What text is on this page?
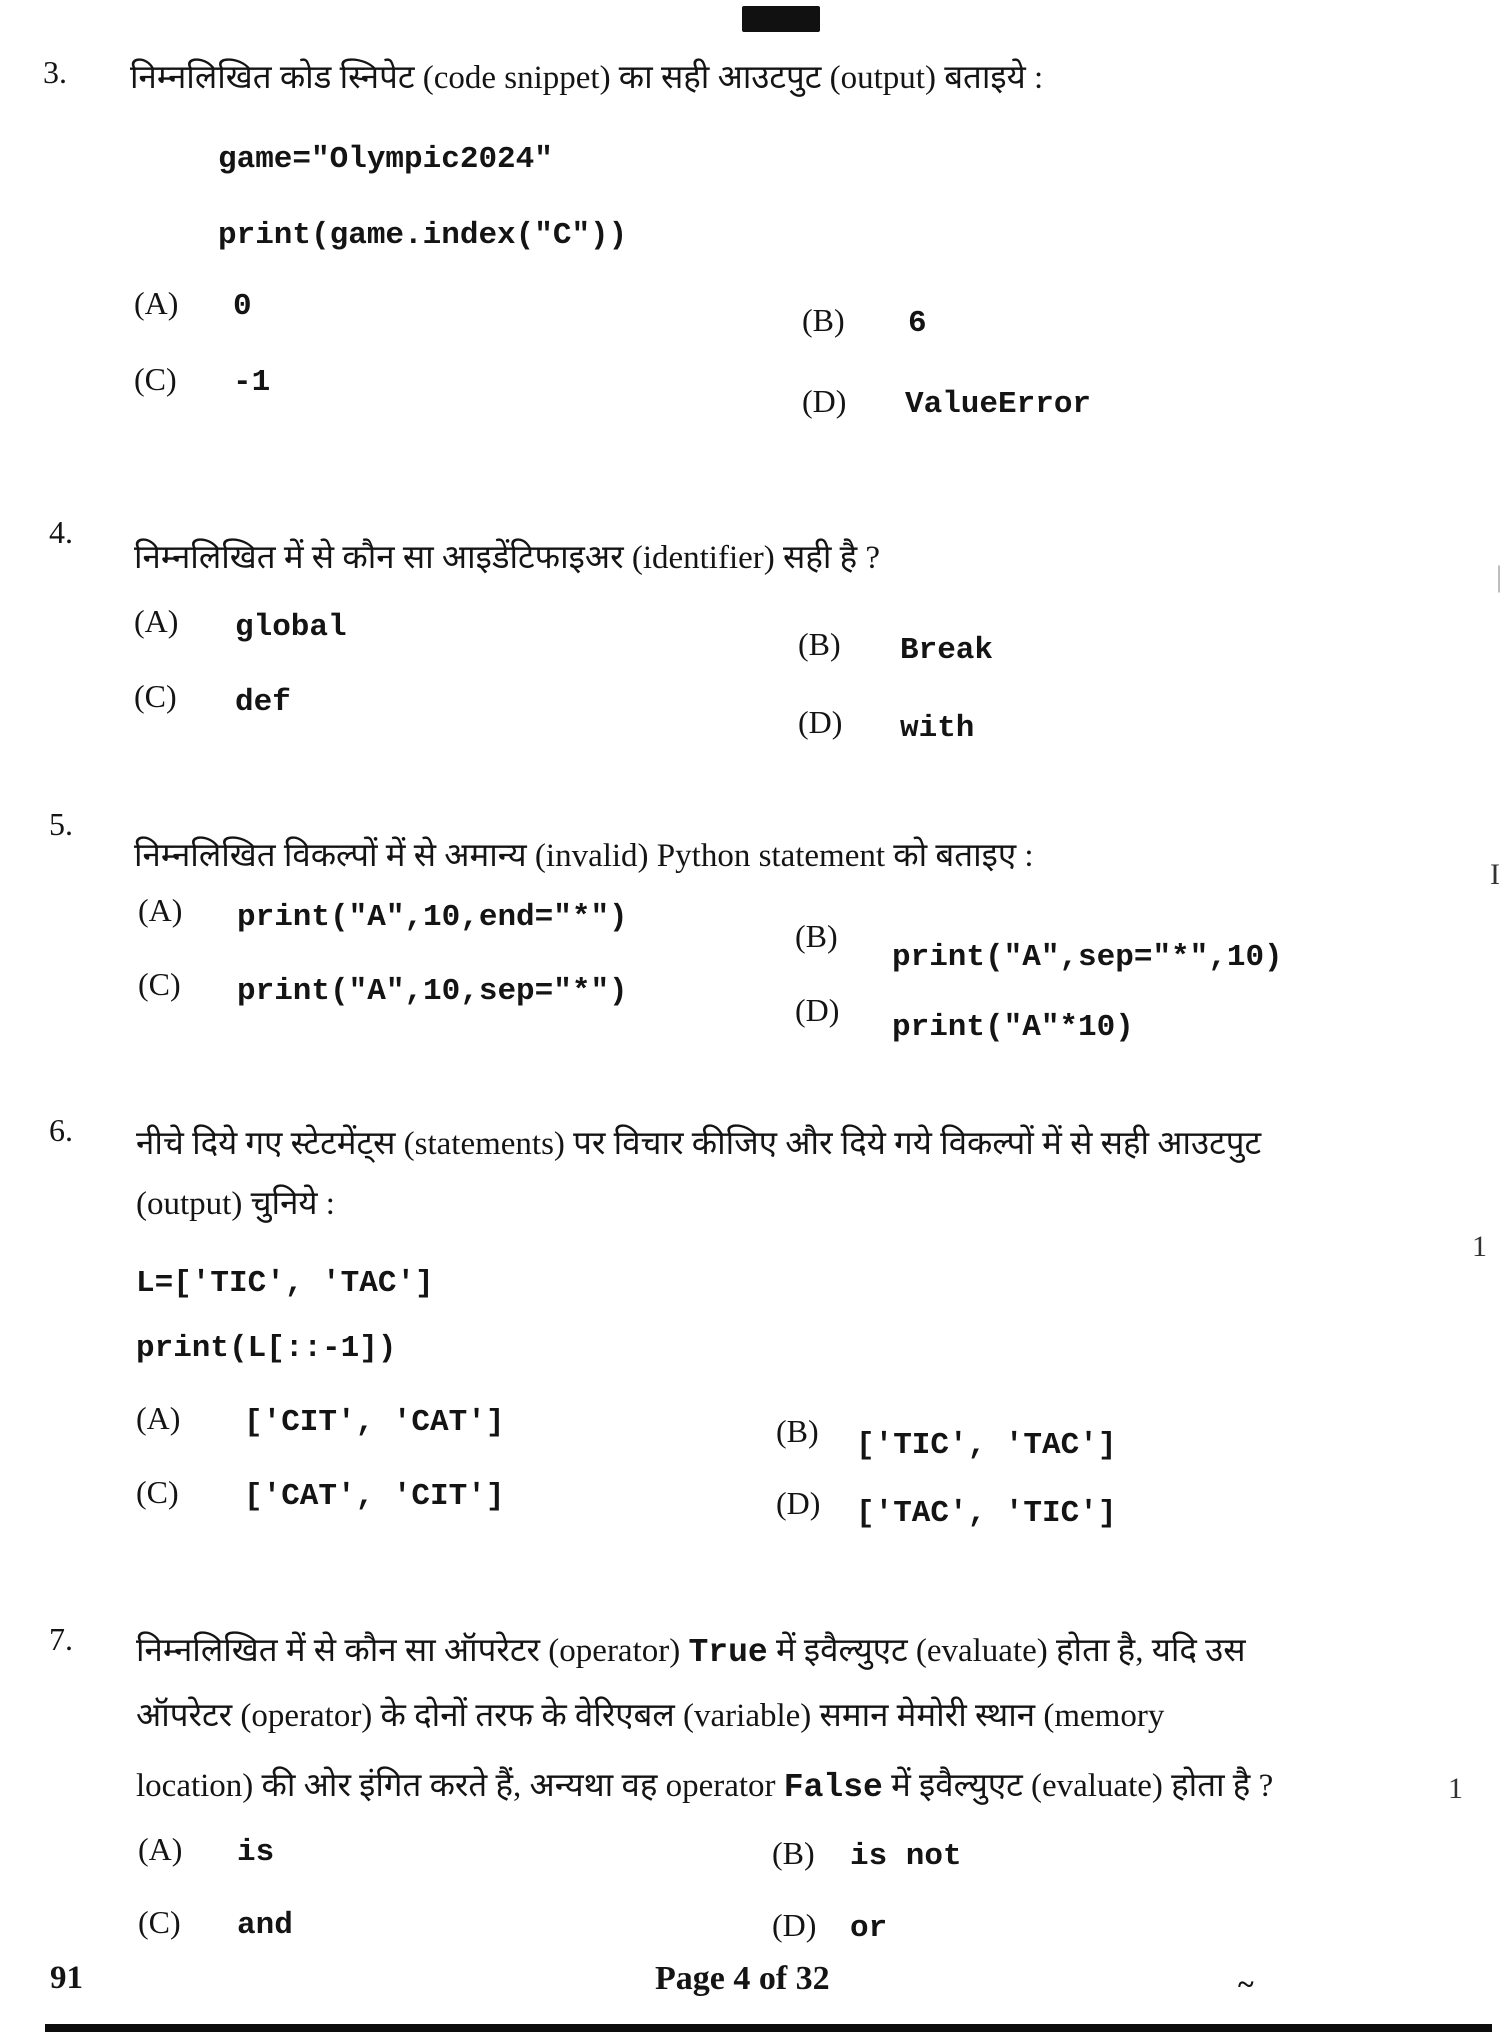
3. निम्नलिखित कोड स्निपेट (code snippet) का सही आउटपुट (output) बताइये :
game="Olympic2024"
print(game.index("C"))
(A) 0	(B) 6
(C) -1
(D) ValueError
4.
निम्नलिखित में से कौन सा आइडेंटिफाइअर (identifier) सही है ?
|
(A) global	(B) Break
(C) def
(D) with
5.
निम्नलिखित विकल्पों में से अमान्य (invalid) Python statement को बताइए :
I
(A) print("A",10,end="*")
(B)
print("A",sep="*",10)
(C) print("A",10,sep="*")
(D) print("A"*10)
6. नीचे दिये गए स्टेटमेंट्स (statements) पर विचार कीजिए और दिये गये विकल्पों में से सही आउटपुट
(output) चुनिये :
1
L=['TIC', 'TAC']
print(L[::-1])
(A) ['CIT', 'CAT']	(B) ['TIC', 'TAC']
(C) ['CAT', 'CIT']	(D) ['TAC', 'TIC']
7. निम्नलिखित में से कौन सा ऑपरेटर (operator) True में इवैल्युएट (evaluate) होता है, यदि उस
ऑपरेटर (operator) के दोनों तरफ के वेरिएबल (variable) समान मेमोरी स्थान (memory
location) की ओर इंगित करते हैं, अन्यथा वह operator False में इवैल्युएट (evaluate) होता है ?	1
(A) is	(B) is not
(C) and	(D) or
91	Page 4 of 32	~
